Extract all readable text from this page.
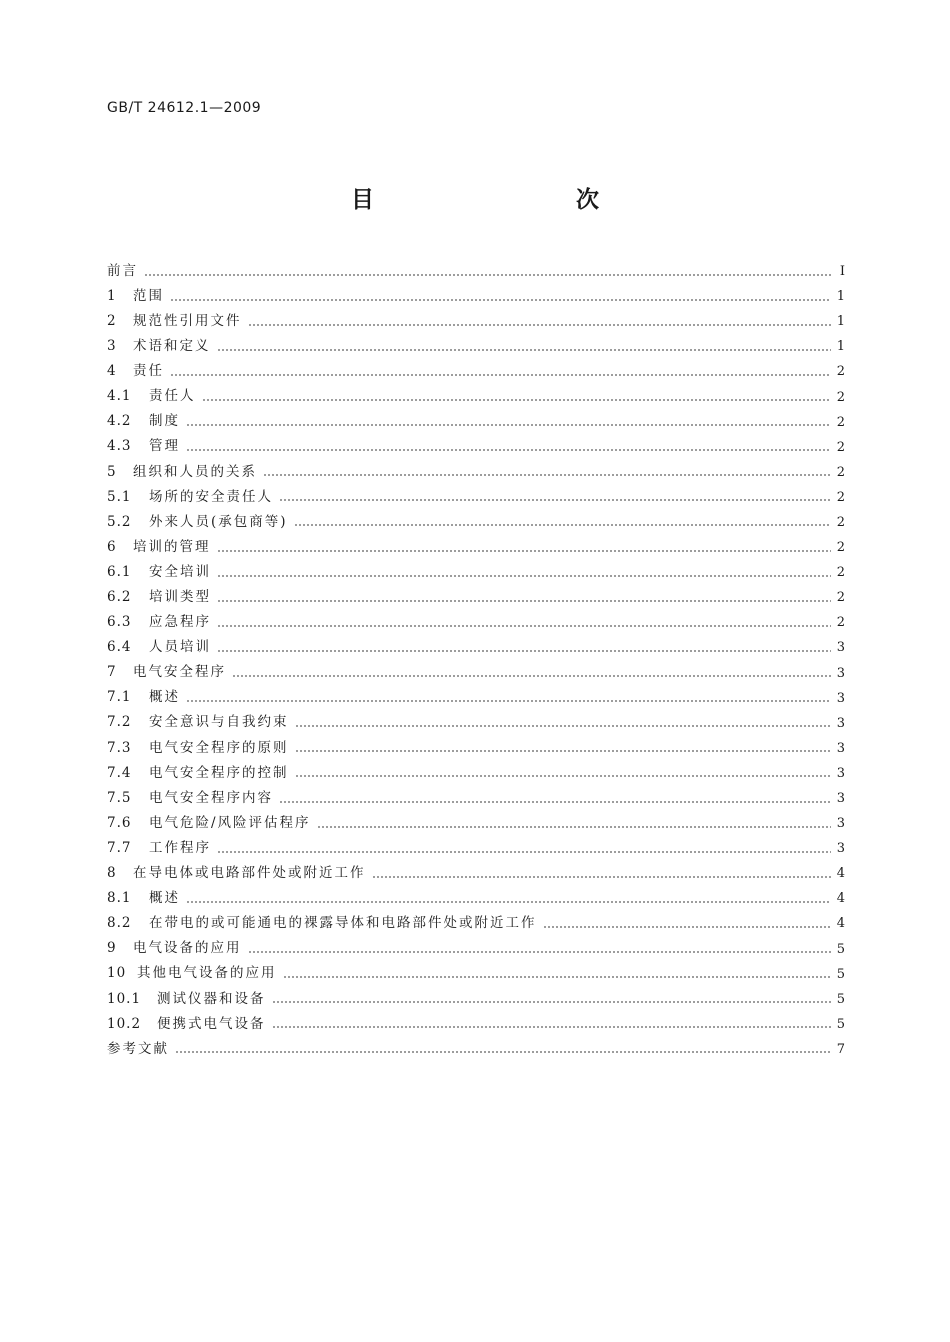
GB/T 24612.1—2009
目　　次
前言	Ⅰ
1	范围	1
2	规范性引用文件	1
3	术语和定义	1
4	责任	2
4.1	责任人	2
4.2	制度	2
4.3	管理	2
5	组织和人员的关系	2
5.1	场所的安全责任人	2
5.2	外来人员(承包商等)	2
6	培训的管理	2
6.1	安全培训	2
6.2	培训类型	2
6.3	应急程序	2
6.4	人员培训	3
7	电气安全程序	3
7.1	概述	3
7.2	安全意识与自我约束	3
7.3	电气安全程序的原则	3
7.4	电气安全程序的控制	3
7.5	电气安全程序内容	3
7.6	电气危险/风险评估程序	3
7.7	工作程序	3
8	在导电体或电路部件处或附近工作	4
8.1	概述	4
8.2	在带电的或可能通电的裸露导体和电路部件处或附近工作	4
9	电气设备的应用	5
10 其他电气设备的应用	5
10.1	测试仪器和设备	5
10.2	便携式电气设备	5
参考文献	7
